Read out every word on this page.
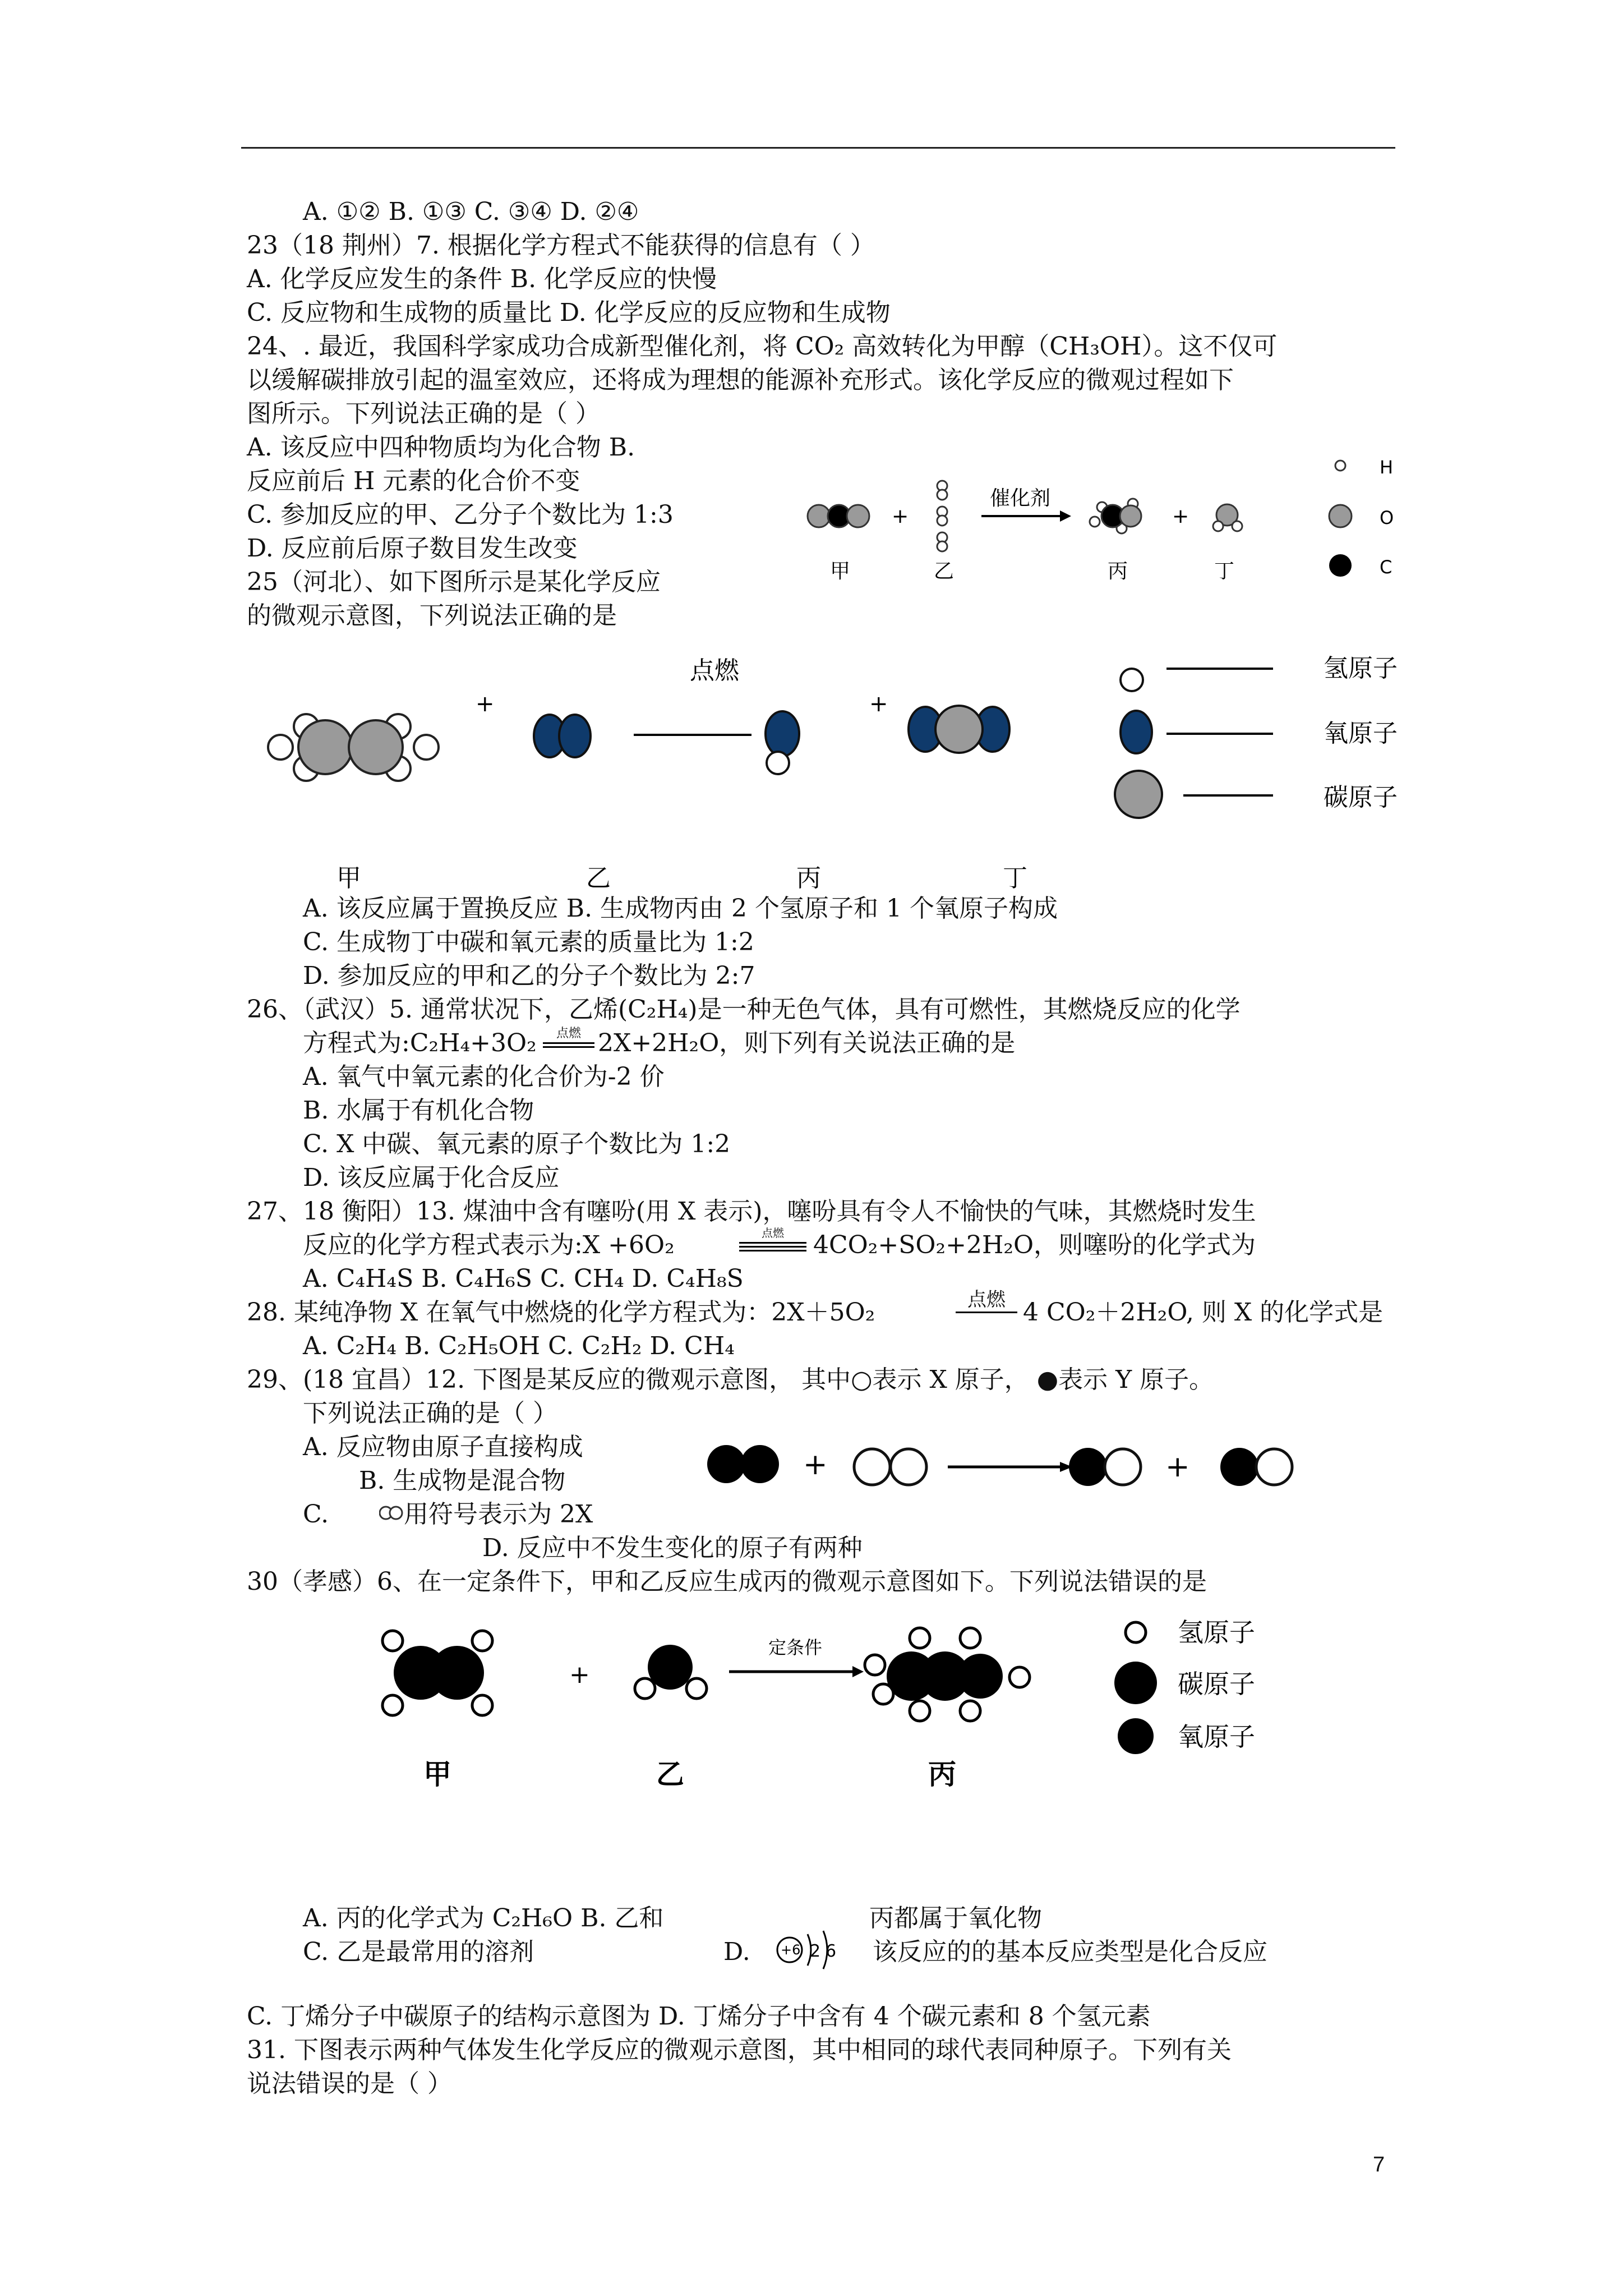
A. ①② B. ①③ C. ③④ D. ②④
23（18 荆州）7. 根据化学方程式不能获得的信息有（ ）
A. 化学反应发生的条件 B. 化学反应的快慢
C. 反应物和生成物的质量比 D. 化学反应的反应物和生成物
24、. 最近，我国科学家成功合成新型催化剂，将 CO₂ 高效转化为甲醇（CH₃OH）。这不仅可
以缓解碳排放引起的温室效应，还将成为理想的能源补充形式。该化学反应的微观过程如下
图所示。下列说法正确的是（ ）
A. 该反应中四种物质均为化合物 B.
反应前后 H 元素的化合价不变
C. 参加反应的甲、乙分子个数比为 1:3
D. 反应前后原子数目发生改变
25（河北）、如下图所示是某化学反应
的微观示意图，下列说法正确的是
+
催化剂
+
甲	乙	丙	丁
H
O
C
+
点燃
+
氢原子
氧原子
碳原子
甲	乙	丙	丁
A. 该反应属于置换反应 B. 生成物丙由 2 个氢原子和 1 个氧原子构成
C. 生成物丁中碳和氧元素的质量比为 1:2
D. 参加反应的甲和乙的分子个数比为 2:7
26、（武汉）5. 通常状况下，乙烯(C₂H₄)是一种无色气体，具有可燃性，其燃烧反应的化学
方程式为:C₂H₄+3O₂	点燃 2X+2H₂O，则下列有关说法正确的是
A. 氧气中氧元素的化合价为-2 价
B. 水属于有机化合物
C. X 中碳、氧元素的原子个数比为 1:2
D. 该反应属于化合反应
27、18 衡阳）13. 煤油中含有噻吩(用 X 表示)，噻吩具有令人不愉快的气味，其燃烧时发生
反应的化学方程式表示为:X +6O₂	点燃	4CO₂+SO₂+2H₂O，则噻吩的化学式为
A. C₄H₄S B. C₄H₆S C. CH₄ D. C₄H₈S
28. 某纯净物 X 在氧气中燃烧的化学方程式为：2X＋5O₂	点燃 4 CO₂＋2H₂O, 则 X 的化学式是
A. C₂H₄ B. C₂H₅OH C. C₂H₂ D. CH₄
29、(18 宜昌）12. 下图是某反应的微观示意图， 其中○表示 X 原子， ●表示 Y 原子。
下列说法正确的是（ ）
A. 反应物由原子直接构成
B. 生成物是混合物
C.	用符号表示为 2X
D. 反应中不发生变化的原子有两种
+	+
30（孝感）6、在一定条件下，甲和乙反应生成丙的微观示意图如下。下列说法错误的是
+
定条件	氢原子
碳原子
氧原子
甲	乙	丙
A. 丙的化学式为 C₂H₆O B. 乙和	丙都属于氧化物
C. 乙是最常用的溶剂	D. +6 2 6 该反应的的基本反应类型是化合反应
C. 丁烯分子中碳原子的结构示意图为 D. 丁烯分子中含有 4 个碳元素和 8 个氢元素
31. 下图表示两种气体发生化学反应的微观示意图，其中相同的球代表同种原子。下列有关
说法错误的是（ ）
7
